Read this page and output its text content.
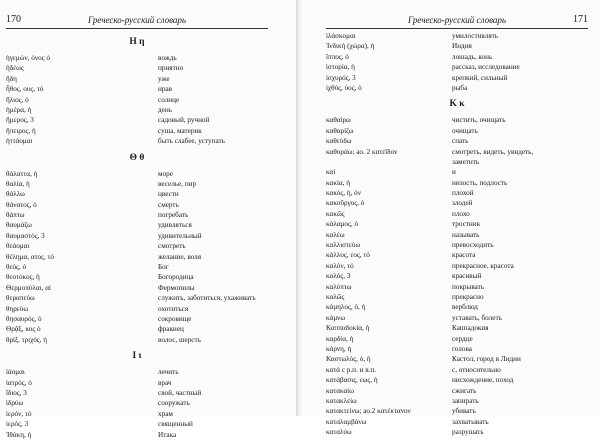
170	Греческо-русский словарь
Η η
ἡγεμών, όνος ὁ	вождь
ἡδέως	приятно
ἤδη	уже
ἦθος, ους, τό	нрав
ἥλιος, ὁ	солнце
ἡμέρα, ἡ	день
ἥμερος, 3	садовый, ручной
ἤπειρος, ἡ	суша, материк
ἡττάομαι	быть слабее, уступать
Θ θ
θάλαττα, ἡ	море
θαλία, ἡ	веселье, пир
θάλλω	цвести
θάνατος, ὁ	смерть
θάπτω	погребать
θαυμάζω	удивляться
θαυμαστός, 3	удивительный
θεάομαι	смотреть
θέλημα, ατος, τό	желание, воля
θεός, ὁ	Бог
θεοτόκος, ἡ	Богородица
Θερμοπύλαι, αἱ	Фермопилы
θεραπεύω	служить, заботиться, ухаживать
θηρεύω	охотиться
θησαυρός, ὁ	сокровище
Θρᾷξ, κος ὁ	фракиец
θρίξ, τριχός, ἡ	волос, шерсть
Ι ι
ἰάομαι	лечить
ἰατρός, ὁ	врач
ἴδιος, 3	свой, частный
ἱδρύω	сооружать
ἱερόν, τό	храм
ἱερός, 3	священный
Ἰθάκη, ἡ	Итака
Греческо-русский словарь	171
ἱλάσκομαι	умилостивлять
Ἰνδική (χώρα), ἡ	Индия
ἵππος, ὁ	лошадь, конь
ἱστορία, ἡ	рассказ, исследование
ἰσχυρός, 3	крепкий, сильный
ἰχθύς, ύος, ὁ	рыба
Κ κ
καθαίρω	чистить, очищать
καθαρίζω	очищать
καθεύδω	спать
καθοράω; ао. 2 κατεῖδον	смотреть, видеть, увидеть,
заметить
καί	и
κακία, ἡ	низость, подлость
κακός, ἡ, όν	плохой
κακοῦργος, ὁ	злодей
κακῶς	плохо
κάλαμος, ὁ	тростник
καλέω	называть
καλλιστεύω	превосходить
κάλλος, εος, τό	красота
καλόν, τό	прекрасное, красота
καλός, 3	красивый
καλύπτω	покрывать
καλῶς	прекрасно
κάμηλος, ὁ, ἡ	верблюд
κάμνω	уставать, болеть
Καππαδοκία, ἡ	Каппадокия
καρδία, ἡ	сердце
κάρνη, ἡ	голова
Καστωλός, ὁ, ἡ	Кастол, город в Лидии
κατά с р.п. и в.п.	с, относительно
κατάβασις, εως, ἡ	нисхождение, поход
κατακαίω	сжигать
κατακλείω	запирать
κατακτείνω; ао.2 κατέκτανον	убивать
καταλαμβάνω	захватывать
καταλύω	разрушать
